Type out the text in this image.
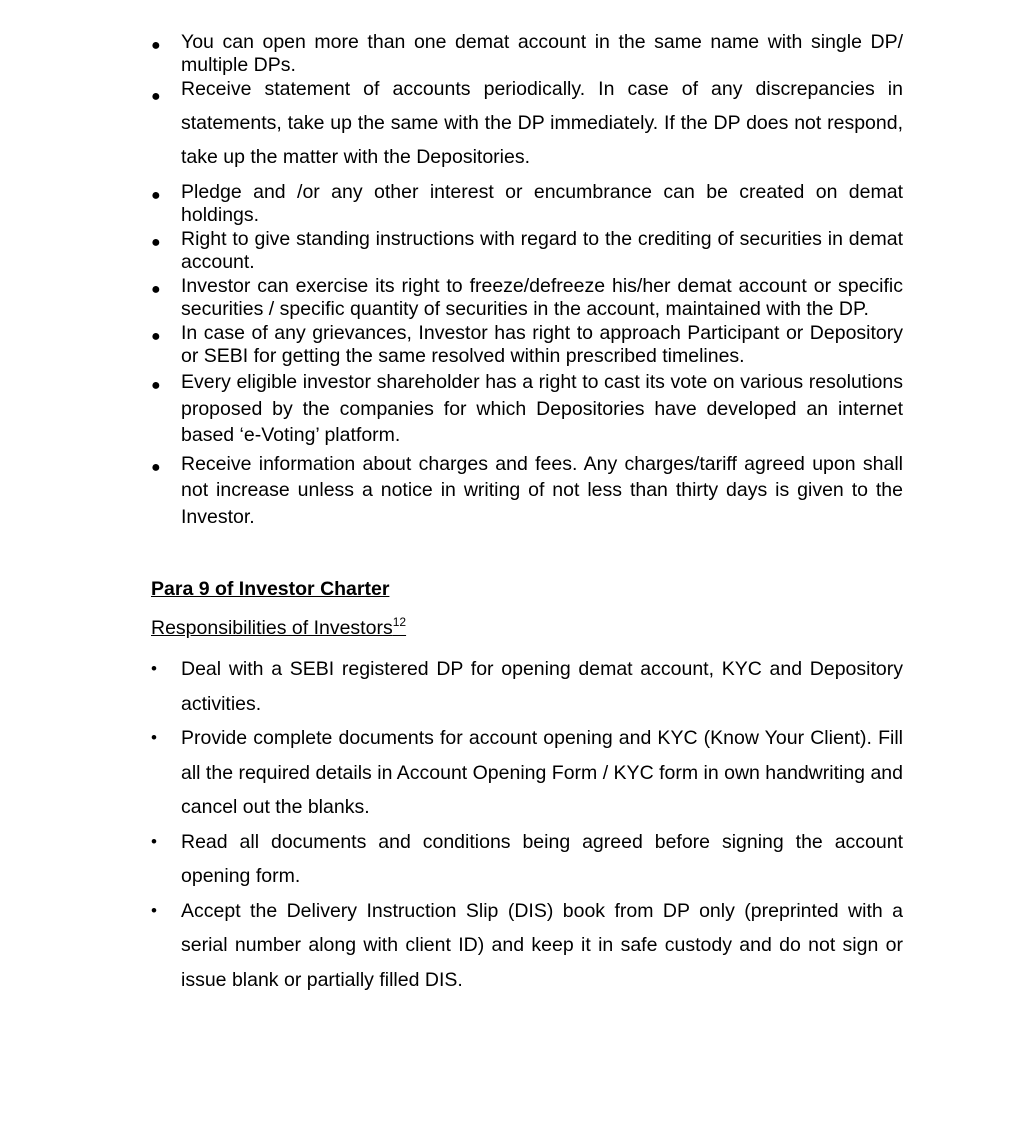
●	You can open more than one demat account in the same name with single DP/ multiple DPs.
●	Receive statement of accounts periodically. In case of any discrepancies in statements, take up the same with the DP immediately. If the DP does not respond, take up the matter with the Depositories.
●	Pledge and /or any other interest or encumbrance can be created on demat holdings.
●	Right to give standing instructions with regard to the crediting of securities in demat account.
●	Investor can exercise its right to freeze/defreeze his/her demat account or specific securities / specific quantity of securities in the account, maintained with the DP.
●	In case of any grievances, Investor has right to approach Participant or Depository or SEBI for getting the same resolved within prescribed timelines.
●	Every eligible investor shareholder has a right to cast its vote on various resolutions proposed by the companies for which Depositories have developed an internet based ‘e-Voting’ platform.
●	Receive information about charges and fees. Any charges/tariff agreed upon shall not increase unless a notice in writing of not less than thirty days is given to the Investor.

Para 9 of Investor Charter

Responsibilities of Investors$^{12}$

•	Deal with a SEBI registered DP for opening demat account, KYC and Depository activities.
•	Provide complete documents for account opening and KYC (Know Your Client). Fill all the required details in Account Opening Form / KYC form in own handwriting and cancel out the blanks.
•	Read all documents and conditions being agreed before signing the account opening form.
•	Accept the Delivery Instruction Slip (DIS) book from DP only (preprinted with a serial number along with client ID) and keep it in safe custody and do not sign or issue blank or partially filled DIS.
